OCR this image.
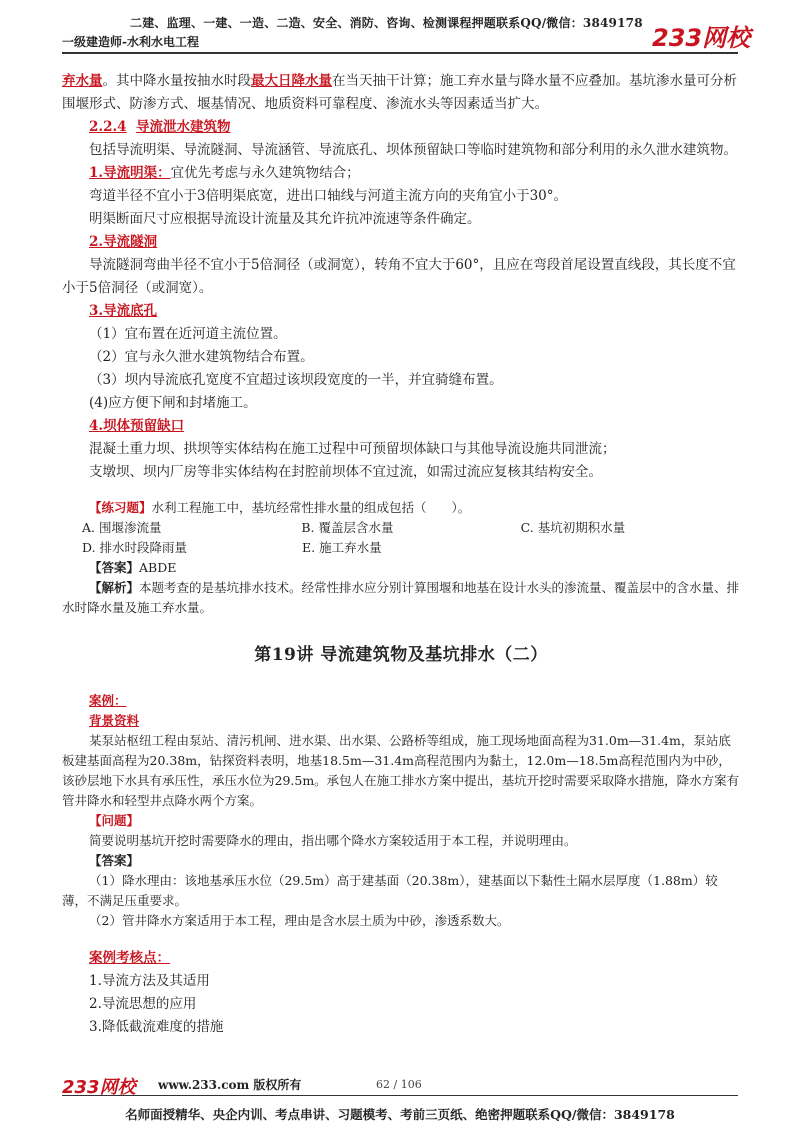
二建、监理、一建、一造、二造、安全、消防、咨询、检测课程押题联系QQ/微信：3849178
一级建造师-水利水电工程	233网校

弃水量。其中降水量按抽水时段最大日降水量在当天抽干计算；施工弃水量与降水量不应叠加。基坑渗水量可分析围堰形式、防渗方式、堰基情况、地质资料可靠程度、渗流水头等因素适当扩大。

2.2.4 导流泄水建筑物

包括导流明渠、导流隧洞、导流涵管、导流底孔、坝体预留缺口等临时建筑物和部分利用的永久泄水建筑物。

1.导流明渠：宜优先考虑与永久建筑物结合；

弯道半径不宜小于3倍明渠底宽，进出口轴线与河道主流方向的夹角宜小于30°。

明渠断面尺寸应根据导流设计流量及其允许抗冲流速等条件确定。

2.导流隧洞

导流隧洞弯曲半径不宜小于5倍洞径（或洞宽），转角不宜大于60°，且应在弯段首尾设置直线段，其长度不宜小于5倍洞径（或洞宽）。

3.导流底孔

（1）宜布置在近河道主流位置。

（2）宜与永久泄水建筑物结合布置。

（3）坝内导流底孔宽度不宜超过该坝段宽度的一半，并宜骑缝布置。

(4)应方便下闸和封堵施工。

4.坝体预留缺口

混凝土重力坝、拱坝等实体结构在施工过程中可预留坝体缺口与其他导流设施共同泄流；

支墩坝、坝内厂房等非实体结构在封腔前坝体不宜过流，如需过流应复核其结构安全。

【练习题】水利工程施工中，基坑经常性排水量的组成包括（　　）。

A. 围堰渗流量	B. 覆盖层含水量	C. 基坑初期积水量
D. 排水时段降雨量	E. 施工弃水量

【答案】ABDE

【解析】本题考查的是基坑排水技术。经常性排水应分别计算围堰和地基在设计水头的渗流量、覆盖层中的含水量、排水时降水量及施工弃水量。

第19讲 导流建筑物及基坑排水（二）

案例：

背景资料

某泵站枢纽工程由泵站、清污机闸、进水渠、出水渠、公路桥等组成，施工现场地面高程为31.0m—31.4m，泵站底板建基面高程为20.38m，钻探资料表明，地基18.5m—31.4m高程范围内为黏土，12.0m—18.5m高程范围内为中砂，该砂层地下水具有承压性，承压水位为29.5m。承包人在施工排水方案中提出，基坑开挖时需要采取降水措施，降水方案有管井降水和轻型井点降水两个方案。

【问题】

简要说明基坑开挖时需要降水的理由，指出哪个降水方案较适用于本工程，并说明理由。

【答案】

（1）降水理由：该地基承压水位（29.5m）高于建基面（20.38m），建基面以下黏性土隔水层厚度（1.88m）较薄，不满足压重要求。

（2）管井降水方案适用于本工程，理由是含水层土质为中砂，渗透系数大。

案例考核点：

1.导流方法及其适用

2.导流思想的应用

3.降低截流难度的措施

233网校 www.233.com 版权所有	62 / 106
名师面授精华、央企内训、考点串讲、习题模考、考前三页纸、绝密押题联系QQ/微信：3849178
